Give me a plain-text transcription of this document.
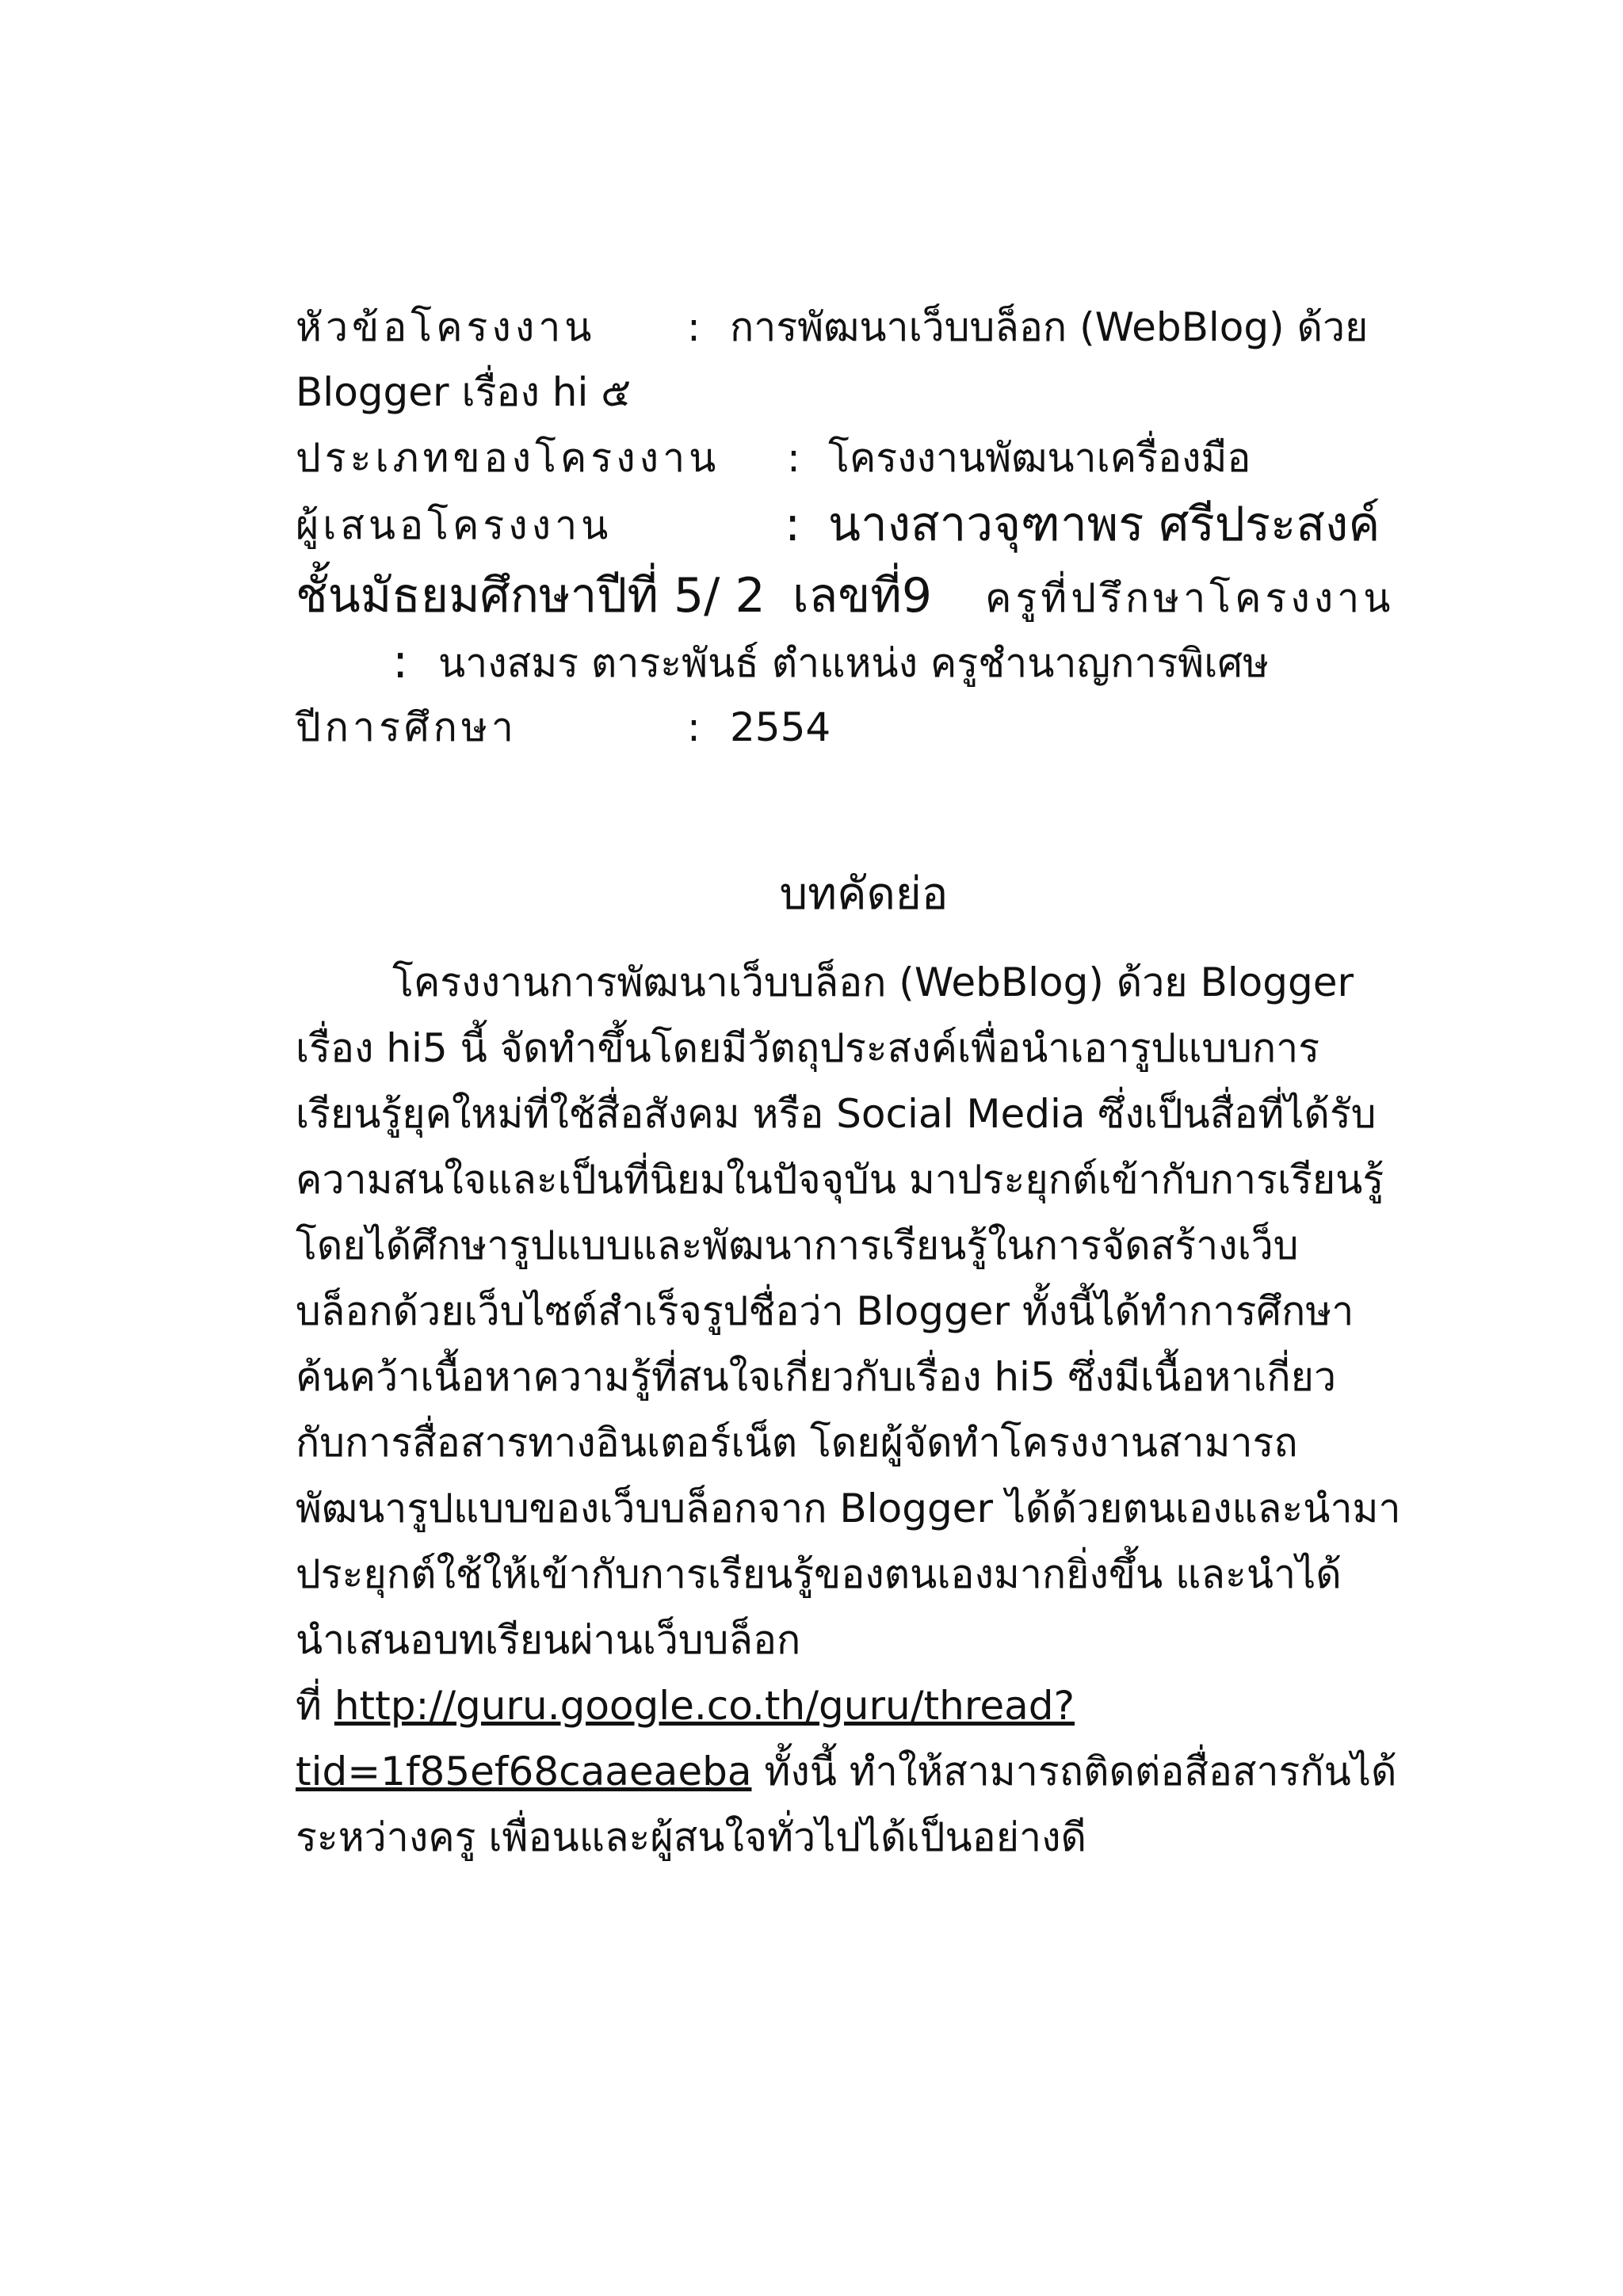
หัวข้อโครงงาน : การพัฒนาเว็บบล็อก (WebBlog) ด้วย
Blogger เรื่อง hi ๕
ประเภทของโครงงาน : โครงงานพัฒนาเครื่องมือ
ผู้เสนอโครงงาน	: นางสาวจุฑาพร ศรีประสงค์
ชั้นมัธยมศึกษาปีที่ 5/ 2 เลขที่9 ครูที่ปรึกษาโครงงาน
: นางสมร ตาระพันธ์ ตำแหน่ง ครูชำนาญการพิเศษ
ปีการศึกษา	: 2554
บทคัดย่อ
โครงงานการพัฒนาเว็บบล็อก (WebBlog) ด้วย Blogger
เรื่อง hi5 นี้ จัดทำขึ้นโดยมีวัตถุประสงค์เพื่อนำเอารูปแบบการ
เรียนรู้ยุคใหม่ที่ใช้สื่อสังคม หรือ Social Media ซึ่งเป็นสื่อที่ได้รับ
ความสนใจและเป็นที่นิยมในปัจจุบัน มาประยุกต์เข้ากับการเรียนรู้
โดยได้ศึกษารูปแบบและพัฒนาการเรียนรู้ในการจัดสร้างเว็บ
บล็อกด้วยเว็บไซต์สำเร็จรูปชื่อว่า Blogger ทั้งนี้ได้ทำการศึกษา
ค้นคว้าเนื้อหาความรู้ที่สนใจเกี่ยวกับเรื่อง hi5 ซึ่งมีเนื้อหาเกี่ยว
กับการสื่อสารทางอินเตอร์เน็ต โดยผู้จัดทำโครงงานสามารถ
พัฒนารูปแบบของเว็บบล็อกจาก Blogger ได้ด้วยตนเองและนำมา
ประยุกต์ใช้ให้เข้ากับการเรียนรู้ของตนเองมากยิ่งขึ้น และนำได้
นำเสนอบทเรียนผ่านเว็บบล็อก
ที่ http://guru.google.co.th/guru/thread?
tid=1f85ef68caaeaeba ทั้งนี้ ทำให้สามารถติดต่อสื่อสารกันได้
ระหว่างครู เพื่อนและผู้สนใจทั่วไปได้เป็นอย่างดี
